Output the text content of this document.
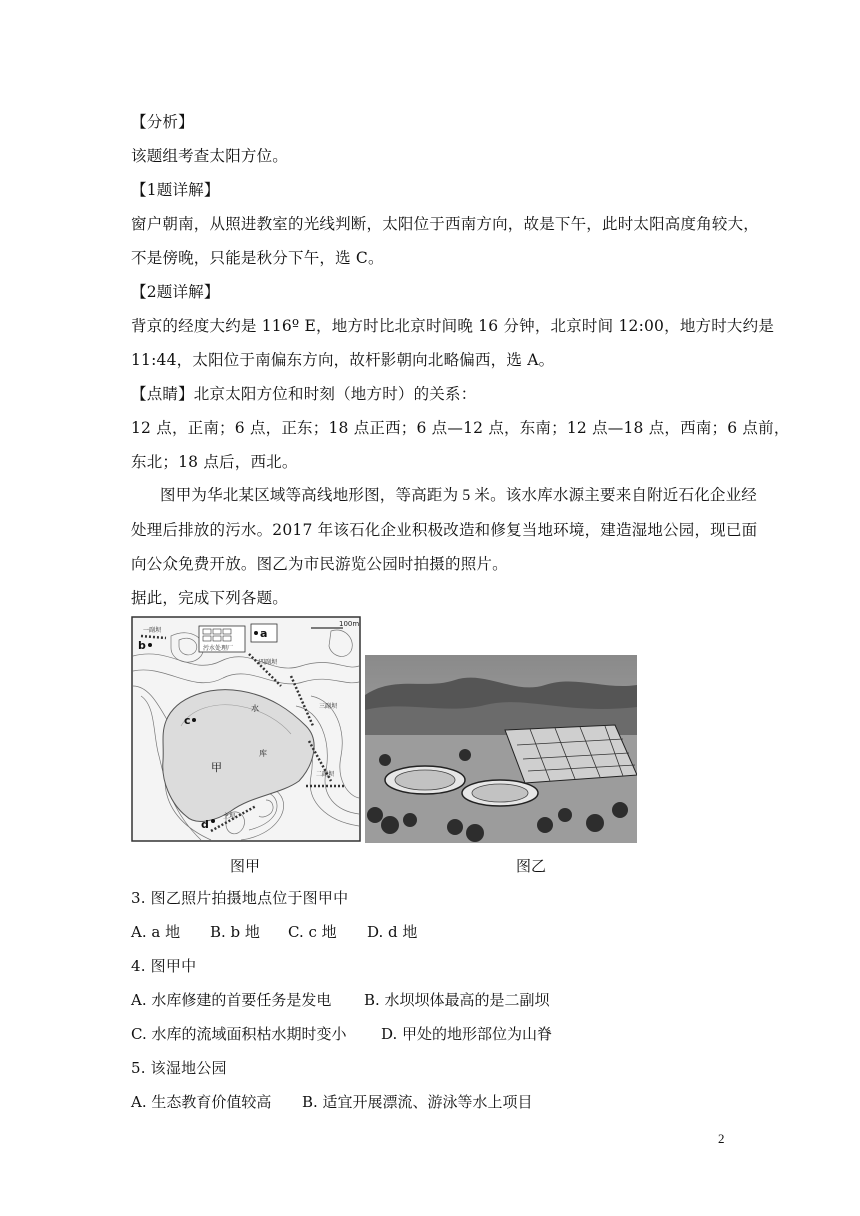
【分析】
该题组考查太阳方位。
【1题详解】
窗户朝南，从照进教室的光线判断，太阳位于西南方向，故是下午，此时太阳高度角较大，
不是傍晚，只能是秋分下午，选 C。
【2题详解】
背京的经度大约是 116º E，地方时比北京时间晚 16 分钟，北京时间 12:00，地方时大约是
11:44，太阳位于南偏东方向，故杆影朝向北略偏西，选 A。
【点睛】北京太阳方位和时刻（地方时）的关系：
12 点，正南；6 点，正东；18 点正西；6 点—12 点，东南；12 点—18 点，西南；6 点前，
东北；18 点后，西北。
图甲为华北某区域等高线地形图，等高距为 5 米。该水库水源主要来自附近石化企业经
处理后排放的污水。2017 年该石化企业积极改造和修复当地环境，建造湿地公园，现已面
向公众免费开放。图乙为市民游览公园时拍摄的照片。
据此，完成下列各题。
100m
a
b
c
d
污水处理厂
一副坝
四副坝
三副坝
二副坝
水
库
甲
主坝
图甲	图乙
3. 图乙照片拍摄地点位于图甲中
A. a 地 B. b 地 C. c 地 D. d 地
4. 图甲中
A. 水库修建的首要任务是发电 B. 水坝坝体最高的是二副坝
C. 水库的流域面积枯水期时变小 D. 甲处的地形部位为山脊
5. 该湿地公园
A. 生态教育价值较高 B. 适宜开展漂流、游泳等水上项目
2
